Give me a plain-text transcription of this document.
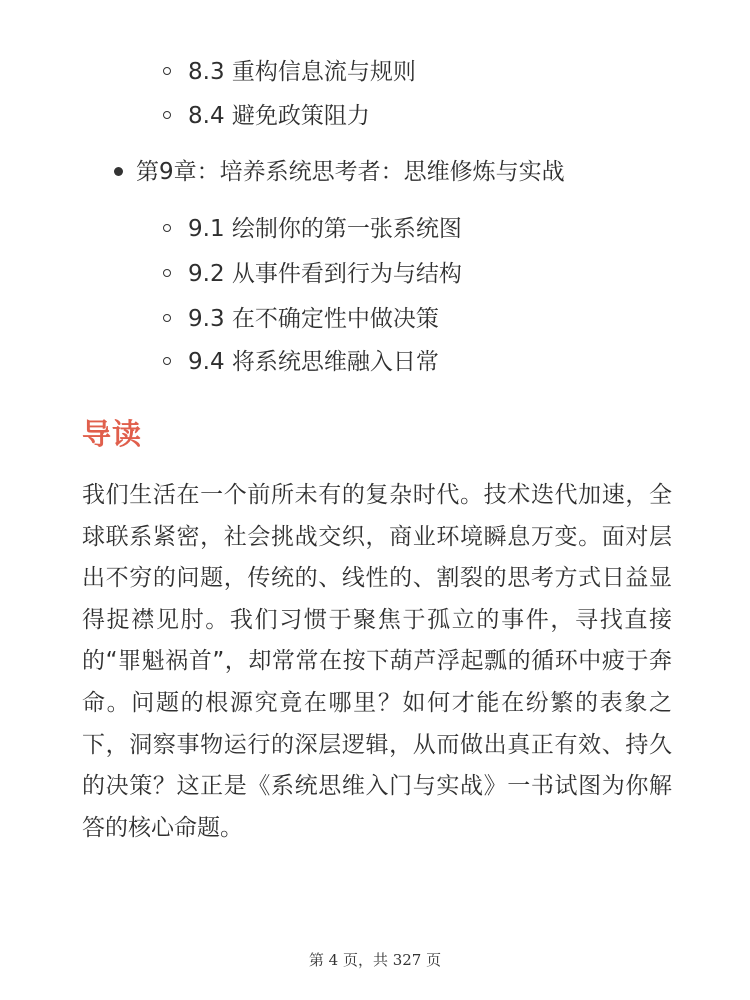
8.3 重构信息流与规则
8.4 避免政策阻力
第9章：培养系统思考者：思维修炼与实战
9.1 绘制你的第一张系统图
9.2 从事件看到行为与结构
9.3 在不确定性中做决策
9.4 将系统思维融入日常
导读

我们生活在一个前所未有的复杂时代。技术迭代加速，全球联系紧密，社会挑战交织，商业环境瞬息万变。面对层出不穷的问题，传统的、线性的、割裂的思考方式日益显得捉襟见肘。我们习惯于聚焦于孤立的事件，寻找直接的“罪魁祸首”，却常常在按下葫芦浮起瓢的循环中疲于奔命。问题的根源究竟在哪里？如何才能在纷繁的表象之下，洞察事物运行的深层逻辑，从而做出真正有效、持久的决策？这正是《系统思维入门与实战》一书试图为你解答的核心命题。

第 4 页，共 327 页
